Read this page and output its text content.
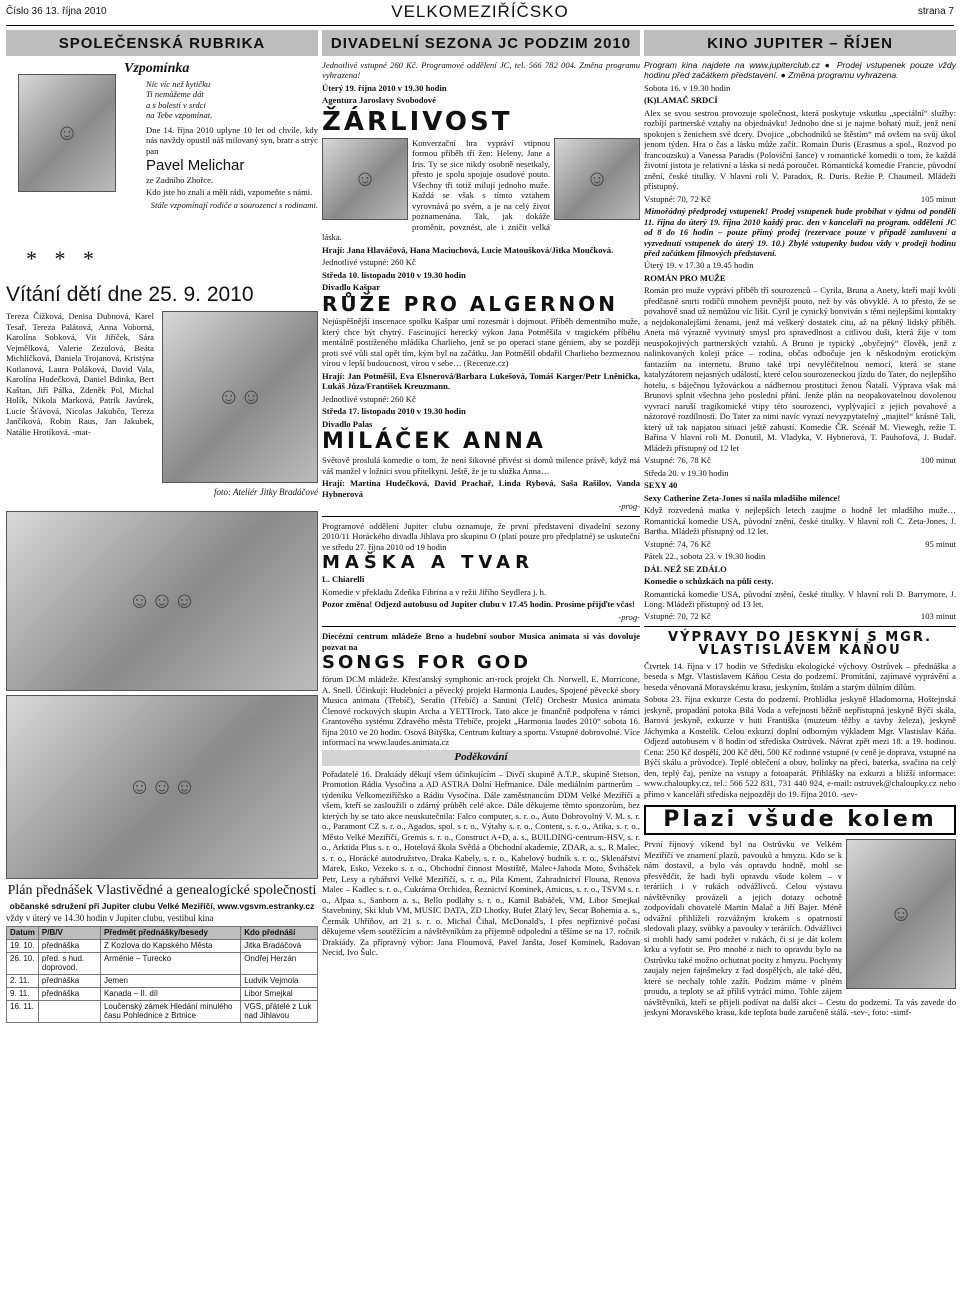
Číslo 36 13. října 2010	VELKOMEZIŘÍČSKO	strana 7
SPOLEČENSKÁ RUBRIKA
☺
* * *
Vzpomínka
Nic víc než kytičku
Ti nemůžeme dát
a s bolestí v srdci
na Tebe vzpomínat.

Dne 14. října 2010 uplyne 10 let od chvíle, kdy nás navždy opustil náš milovaný syn, bratr a strýc pan

Pavel Melichar

ze Zadního Zhořce.

Kdo jste ho znali a měli rádi, vzpomeňte s námi.

Stále vzpomínají rodiče a sourozenci s rodinami.

Vítání dětí dne 25. 9. 2010

Tereza Čížková, Denisa Dubnová, Karel Tesař, Tereza Palátová, Anna Voborná, Karolína Sobková, Vít Jiříček, Sára Vejmělková, Valerie Zezulová, Beáta Michlíčková, Daniela Trojanová, Kristýna Kotlanová, Laura Poláková, David Vala, Karolína Hudečková, Daniel Bdinka, Bert Kaštan, Jiří Pálka, Zdeněk Pol, Michal Holík, Nikola Marková, Patrik Javůrek, Lucie Šťávová, Nicolas Jakubčo, Tereza Jančíková, Robin Raus, Jan Jakubek, Natálie Hrotíková. -mat-

☺☺
foto: Ateliér Jitky Bradáčové
☺☺☺
☺☺☺
Plán přednášek Vlastivědné a genealogické společnosti
občanské sdružení při Jupiter clubu Velké Meziříčí, www.vgsvm.estranky.cz
vždy v úterý ve 14.30 hodin v Jupiter clubu, vestibul kina
Datum	P/B/V	Předmět přednášky/besedy	Kdo přednáší
19. 10.	přednáška	Z Kozlova do Kapského Města	Jitka Bradáčová
26. 10.	před. s hud. doprovod.	Arménie – Turecko	Ondřej Herzán
2. 11.	přednáška	Jemen	Ludvík Vejmola
9. 11.	přednáška	Kanada – II. díl	Libor Smejkal
16. 11.		Loučenský zámek Hledání minulého času Pohlednice z Brtnice	VGS, přátelé z Luk nad Jihlavou
DIVADELNÍ SEZONA JC PODZIM 2010

Jednotlivé vstupné 260 Kč. Programové oddělení JC, tel. 566 782 004. Změna programu vyhrazena!

Úterý 19. října 2010 v 19.30 hodin

Agentura Jaroslavy Svobodové

ŽÁRLIVOST
☺	☺

Konverzační hra vypráví vtipnou formou příběh tří žen: Heleny, Jane a Iris. Ty se sice nikdy osobně nesetkaly, přesto je spolu spojuje osudové pouto. Všechny tři totiž milují jednoho muže. Každá se však s tímto vztahem vyrovnává po svém, a je na celý život poznamenána. Tak, jak dokáže proměnit, povznést, ale i zničit velká láska.

Hrají: Jana Hlaváčová, Hana Maciuchová, Lucie Matoušková/Jitka Moučková.

Jednotlivé vstupné: 260 Kč

Středa 10. listopadu 2010 v 19.30 hodin

Divadlo Kašpar

RŮŽE PRO ALGERNON

Nejúspěšnější inscenace spolku Kašpar umí rozesmát i dojmout. Příběh dementního muže, který chce být chytrý. Fascinující herecký výkon Jana Potměšila v tragickém příběhu mentálně postiženého mládíka Charlieho, jenž se po operaci stane géniem, aby se později proti své vůli stal opět tím, kým byl na začátku. Jan Potměšil obdařil Charlieho bezmeznou vírou v lepší budoucnost, vírou v sebe… (Recenze.cz)

Hrají: Jan Potměšil, Eva Elsnerová/Barbara Lukešová, Tomáš Karger/Petr Lněnička, Lukáš Jůza/František Kreuzmann.

Jednotlivé vstupné: 260 Kč

Středa 17. listopadu 2010 v 19.30 hodin

Divadlo Palas

MILÁČEK ANNA

Světově proslulá komedie o tom, že není šikovné přivést si domů milence právě, když má váš manžel v ložnici svou přítelkyni. Ještě, že je tu služka Anna…

Hrají: Martina Hudečková, David Prachař, Linda Rybová, Saša Rašilov, Vanda Hybnerová

-prog-

Programové oddělení Jupiter clubu oznamuje, že první představení divadelní sezony 2010/11 Horáckého divadla Jihlava pro skupinu O (platí pouze pro předplatné) se uskuteční ve středu 27. října 2010 od 19 hodin

MAŠKA A TVAR

L. Chiarelli

Komedie v překladu Zdeňka Fibrina a v režii Jiřího Seydlera j. h.

Pozor změna! Odjezd autobusu od Jupiter clubu v 17.45 hodin. Prosíme přijďte včas!

-prog-

Diecézní centrum mládeže Brno a hudební soubor Musica animata si vás dovoluje pozvat na

SONGS FOR GOD

fórum DCM mládeže. Křesťanský symphonic art-rock projekt Ch. Norwell, E. Morricone, A. Snell. Účinkují: Hudebníci a pěvecký projekt Harmonia Laudes, Spojené pěvecké sbory Musica animata (Třebíč), Serafin (Třebíč) a Santini (Telč) Orchestr Musica animata Členové rockových skupin Archa a YETTIrock. Tato akce je finančně podpořena v rámci Grantového systému Zdravého města Třebíče, projekt „Harmonia laudes 2010“ sobota 16. října 2010 ve 20 hodin. Osová Bítýška, Centrum kultury a sportu. Vstupné dobrovolné. Více informací na www.laudes.animata.cz

Poděkování

Pořadatelé 16. Drakiády děkují všem účinkujícím – Dívčí skupině A.T.P., skupině Stetson, Promotion Rádia Vysočina a AD ASTRA Dolní Heřmanice. Dále mediálním partnerům – týdeníku Velkomeziříčsko a Rádiu Vysočina. Dále zaměstnancům DDM Velké Meziříčí a všem, kteří se zasloužili o zdárný průběh celé akce. Dále děkujeme těmto sponzorům, bez kterých by se tato akce neuskutečnila: Falco computer, s. r. o., Auto Dobrovolný V. M. s. r. o., Paramont CZ s. r. o., Agados, spol. s r. o., Výtahy s. r. o., Content, s. r. o., Atika, s. r. o., Město Velké Meziříčí, Gremis s. r. o., Construct A+D, a. s., BUILDING-centrum-HSV, s. r. o., Arktida Plus s. r. o., Hotelová škola Světlá a Obchodní akademie, ZDAR, a. s., R Malec, s. r. o., Horácké autodružstvo, Draka Kabely, s. r. o., Kabelový budník s. r. o., Sklenářství Marek, Esko, Vezeko s. r. o., Obchodní činnost Mostiště, Malec+Jahoda Moto, Šviháček Petr, Lesy a rybářství Velké Meziříčí, s. r. o., Pila Kment, Zahradnictví Flouna, Renova Malec – Kadlec s. r. o., Cukrárna Orchidea, Řeznictví Kominek, Amicus, s. r. o., TSVM s. r. o., Alpaa s., Sanborn a. s., Bello podlahy s. r. o., Kamil Babáček, VM, Libor Smejkal Stavebniny, Ski klub VM, MUSIC DATA, ZD Lhotky, Bufet Zlatý lev, Secar Bohemia a. s., Čermák Uhříňov, art 21 s. r. o. Michal Čihal, McDonald's, I přes nepříznivé počasí děkujeme všem soutěžícím a návštěvníkům za příjemně odpolední a těšíme se na 17. ročník Drakiády. Za přípravný výbor: Jana Floumová, Pavel Janšta, Josef Kominek, Radovan Necid, Ivo Šulc.

KINO JUPITER – ŘÍJEN

Program kina najdete na www.jupiterclub.cz ● Prodej vstupenek pouze vždy hodinu před začátkem představení. ● Změna programu vyhrazena.

Sobota 16. v 19.30 hodin

(K)LAMAČ SRDCÍ

Alex se svou sestrou provozuje společnost, která poskytuje vskutku „speciální“ služby: rozbíjí partnerské vztahy na objednávku! Jednoho dne si je najme bohatý muž, jenž není spokojen s ženichem své dcery. Dvojice „obchodníků se štěstím“ má ovšem na svůj úkol jenom týden. Hra o čas a lásku může začít. Romain Duris (Erasmus a spol., Rozvod po francouzsku) a Vanessa Paradis (Poloviční šance) v romantické komedii o tom, že každá životní jistota je relativní a láska si nedá poroučet. Romantická komedie Francie, původní znění, české titulky. V hlavní roli V. Paradox, R. Duris. Režie P. Chaumeil. Mládeži přístupný.

Vstupné: 70, 72 Kč	105 minut

Mimořádný předprodej vstupenek! Prodej vstupenek bude probíhat v týdnu od pondělí 11. října do úterý 19. října 2010 každý prac. den v kancelaři na program. oddělení JC od 8 do 16 hodin – pouze přímý prodej (rezervace pouze v případě zamluvení a vyzvednutí vstupenek do úterý 19. 10.) Zbylé vstupenky budou vždy v prodeji hodinu před začátkem filmových představení.

Úterý 19. v 17.30 a 19.45 hodin

ROMÁN PRO MUŽE

Román pro muže vypráví příběh tří sourozenců – Cyrila, Bruna a Anety, kteří mají kvůli předčasné smrti rodičů mnohem pevnější pouto, než by vás obvyklé. A to přesto, že se povahově snad už nemůžou víc lišit. Cyril je cynický bonviván s těmi nejlepšími kontakty a nejdokonalejšími ženami, jenž má veškerý dostatek citu, až na pěkný lidský příběh. Aneta má výrazně vyvinutý smysl pro spravedlnost a citlivou duši, která žije v tom neuspokojivých partnerských vztahů. A Bruno je typický „obyčejný“ člověk, jenž z nalinkovaných kolejí práce – rodina, občas odbočuje jen k něskodným erotickým fantaziím na internetu. Bruno také trpí nevyléčitelnou nemocí, která se stane katalyzátorem nejasných událostí, které celou sourozeneckou jízdu do Tater, do nejlepšího hotelu, s báječnou lyžováckou a nádhernou prostituci ženou Ňatalí. Výprava však má Brunovi splnit všechna jeho poslední přání. Jenže plán na neopakovatelnou dovolenou vyvrací naruší tragikomické vtipy této sourozenci, vyplývající z jejich povahové a názorové rozdílnosti. Do Tater za nimi navíc vyrazí nevyzpytatelný „majitel“ krásné Tali, který už tak napjatou situaci ještě zahustí. Komedie ČR. Scénář M. Viewegh, režie T. Bařina V hlavní roli M. Donutil, M. Vladyka, V. Hybnerová, T. Pauhofová, J. Budař. Mládeži přístupný od 12 let

Vstupné: 76, 78 Kč	100 minut

Středa 20. v 19.30 hodin

SEXY 40

Sexy Catherine Zeta-Jones si našla mladšího milence!

Když rozvedená matka v nejlepších letech zaujme o hodně let mladšího muže… Romantická komedie USA, původní znění, české titulky. V hlavní roli C. Zeta-Jones, J. Bartha. Mládeži přístupný od 12 let.

Vstupné: 74, 76 Kč	95 minut

Pátek 22., sobota 23. v 19.30 hodin

DÁL NEŽ SE ZDÁLO

Komedie o schůzkách na půli cesty.

Romantická komedie USA, původní znění, české titulky. V hlavní roli D. Barrymore, J. Long. Mládeži přístupný od 13 let.

Vstupné: 70, 72 Kč	103 minut

VÝPRAVY DO JESKYNÍ S MGR. VLASTISLAVEM KÁŇOU

Čtvrtek 14. října v 17 hodin ve Středisku ekologické výchovy Ostrůvek – přednáška a beseda s Mgr. Vlastislavem Káňou Cesta do podzemí. Promítání, zajímavé vyprávění a beseda věnovaná Moravskému krasu, jeskyním, štolám a starým důlním dílům.

Sobota 23. října exkurze Cesta do podzemí. Prohlídka jeskyně Hladomorna, Hoštejnská jeskyně, propadání potoka Bílá Voda a veřejnosti běžně nepřístupná jeskyně Býčí skála, Barová jeskyně, exkurze v huti Františka (muzeum těžby a tavby železa), jeskyně Jáchymka a Kostelík. Celou exkurzí doplní odborným výkladem Mgr. Vlastislav Káňa. Odjezd autobusem v 8 hodin od střediska Ostrůvek. Návrat zpět mezi 18. a 19. hodinou. Cena: 250 Kč dospělí, 200 Kč děti, 500 Kč rodinné vstupné (v ceně je doprava, vstupné na Býčí skálu a průvodce). Teplé oblečení a obuv, holínky na přeci, baterka, svačina na celý den, teplý čaj, peníze na vstupy a fotoaparát. Přihlášky na exkurzi a bližší informace: www.chaloupky.cz, tel.: 566 522 831, 731 440 924, e-mail: ostruvek@chaloupky.cz nebo přímo v kanceláři střediska nejpozději do 19. října 2010. -sev-

Plazi všude kolem
☺

První říjnový víkend byl na Ostrůvku ve Velkém Meziříčí ve znamení plazů, pavouků a hmyzu. Kdo se k nám dostavil, a bylo vás opravdu hodně, mohl se přesvědčit, že hadi byli opravdu všude kolem – v teráriích i v rukách odvážlivců. Celou výstavu návštěvníky provázeli a jejich dotazy ochotně zodpovídali chovatelé Martin Malač a Jiří Bajer. Méně odvážní přihlíželi rozvážným krokem s opatrností sledovali plazy, svůbky a pavouky v teráriích. Odvážlivci si mohli hady sami podržet v rukách, či si je dát kolem krku a vyfotit se. Pro mnohé z nich to opravdu bylo na Ostrůvku také možno ochutnat pocity z hmyzu. Pochymy zaujaly nejen fajnšmekry z řad dospělých, ale také děti, které se nechaly tohle zažít. Podzim máme v plném proudu, a teploty se až příliš vytrácí mimo. Tohle zájem návštěvníků, kteří se přijeli podívat na další akci – Cestu do podzemí. Ta vás zavede do jeskyní Moravského krasu, kde teplota bude zaručeně stálá. -sev-, foto: -simf-
